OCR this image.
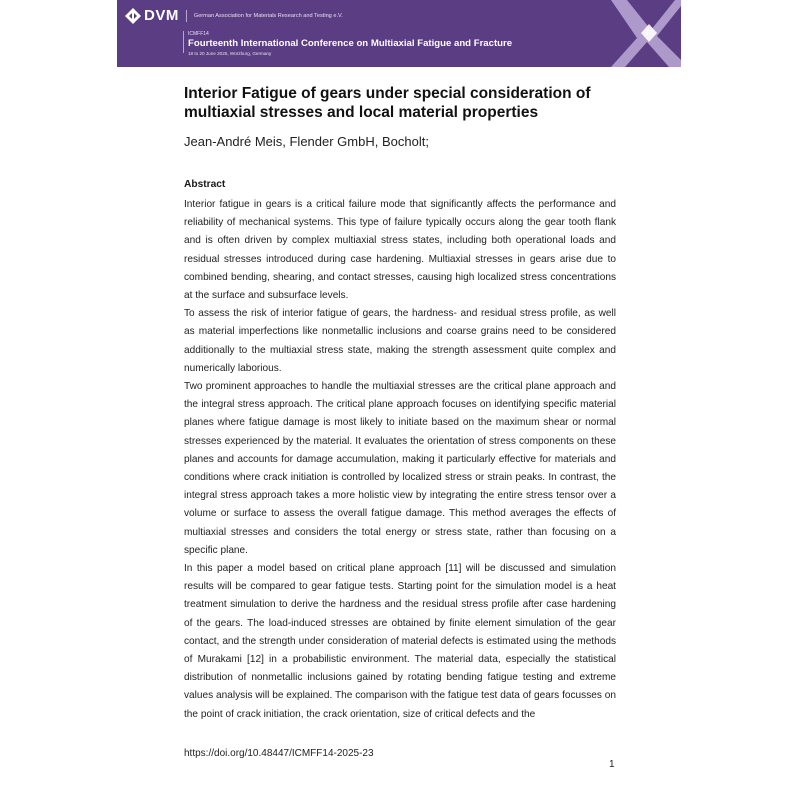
DVM	German Association for Materials Research and Testing e.V.
ICMFF14
Fourteenth International Conference on Multiaxial Fatigue and Fracture
18 to 20 June 2025, Würzburg, Germany
Interior Fatigue of gears under special consideration of multiaxial stresses and local material properties
Jean-André Meis, Flender GmbH, Bocholt;
Abstract

Interior fatigue in gears is a critical failure mode that significantly affects the performance and reliability of mechanical systems. This type of failure typically occurs along the gear tooth flank and is often driven by complex multiaxial stress states, including both operational loads and residual stresses introduced during case hardening. Multiaxial stresses in gears arise due to combined bending, shearing, and contact stresses, causing high localized stress concentrations at the surface and subsurface levels.

To assess the risk of interior fatigue of gears, the hardness- and residual stress profile, as well as material imperfections like nonmetallic inclusions and coarse grains need to be considered additionally to the multiaxial stress state, making the strength assessment quite complex and numerically laborious.

Two prominent approaches to handle the multiaxial stresses are the critical plane approach and the integral stress approach. The critical plane approach focuses on identifying specific material planes where fatigue damage is most likely to initiate based on the maximum shear or normal stresses experienced by the material. It evaluates the orientation of stress components on these planes and accounts for damage accumulation, making it particularly effective for materials and conditions where crack initiation is controlled by localized stress or strain peaks. In contrast, the integral stress approach takes a more holistic view by integrating the entire stress tensor over a volume or surface to assess the overall fatigue damage. This method averages the effects of multiaxial stresses and considers the total energy or stress state, rather than focusing on a specific plane.

In this paper a model based on critical plane approach [11] will be discussed and simulation results will be compared to gear fatigue tests. Starting point for the simulation model is a heat treatment simulation to derive the hardness and the residual stress profile after case hardening of the gears. The load-induced stresses are obtained by finite element simulation of the gear contact, and the strength under consideration of material defects is estimated using the methods of Murakami [12] in a probabilistic environment. The material data, especially the statistical distribution of nonmetallic inclusions gained by rotating bending fatigue testing and extreme values analysis will be explained. The comparison with the fatigue test data of gears focusses on the point of crack initiation, the crack orientation, size of critical defects and the

https://doi.org/10.48447/ICMFF14-2025-23
1
